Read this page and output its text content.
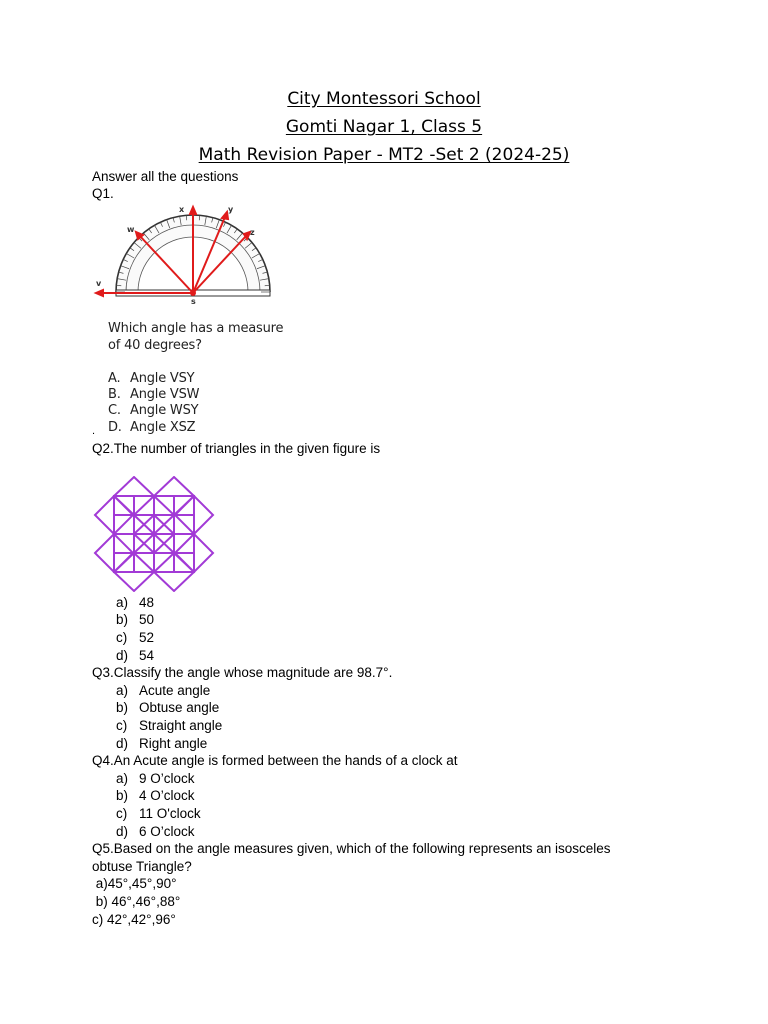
City Montessori School
Gomti Nagar 1, Class 5
Math Revision Paper - MT2 -Set 2 (2024-25)
Answer all the questions
Q1.
x	y
w	z
v
s
Which angle has a measure
of 40 degrees?
A. Angle VSY
B. Angle VSW
C. Angle WSY
D. Angle XSZ
.
Q2.The number of triangles in the given figure is
a) 48
b) 50
c) 52
d) 54
Q3.Classify the angle whose magnitude are 98.7°.
a) Acute angle
b) Obtuse angle
c) Straight angle
d) Right angle
Q4.An Acute angle is formed between the hands of a clock at
a) 9 O’clock
b) 4 O’clock
c) 11 O'clock
d) 6 O’clock
Q5.Based on the angle measures given, which of the following represents an isosceles
obtuse Triangle?
a)45°,45°,90°
b) 46°,46°,88°
c) 42°,42°,96°
